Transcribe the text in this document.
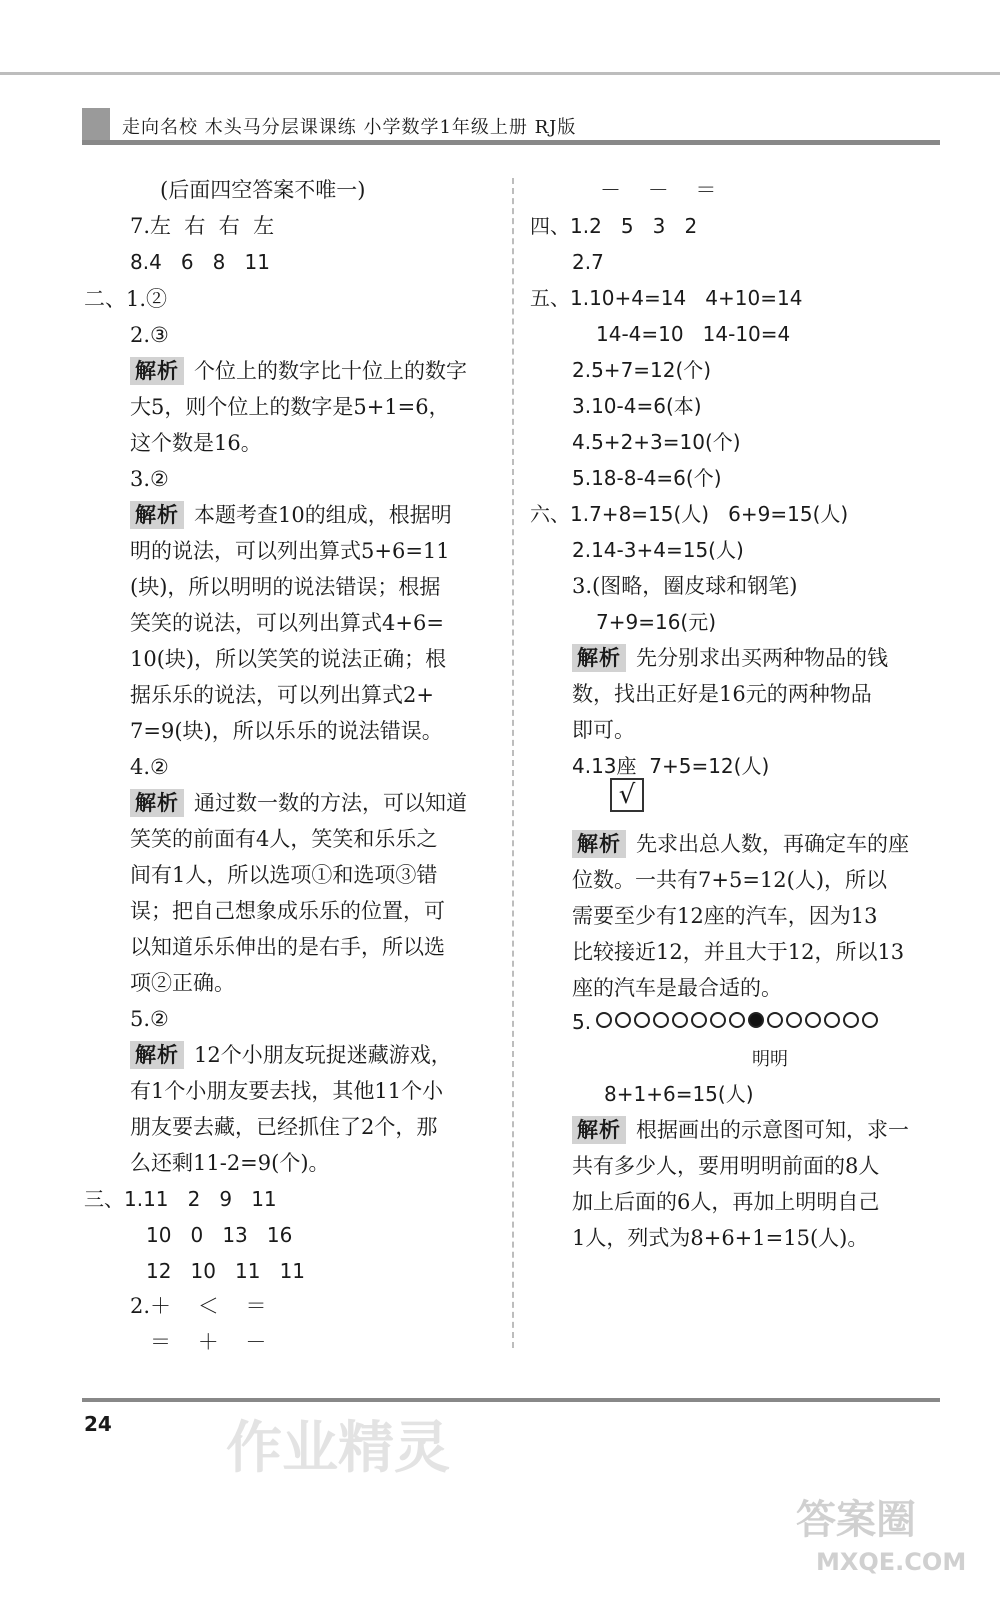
走向名校 木头马分层课课练 小学数学1年级上册 RJ版
(后面四空答案不唯一)
7.左  右  右  左
8.4   6   8   11
二、1.②
2.③
解析 个位上的数字比十位上的数字
大5，则个位上的数字是5+1=6，
这个数是16。
3.②
解析 本题考查10的组成，根据明
明的说法，可以列出算式5+6=11
(块)，所以明明的说法错误；根据
笑笑的说法，可以列出算式4+6=
10(块)，所以笑笑的说法正确；根
据乐乐的说法，可以列出算式2+
7=9(块)，所以乐乐的说法错误。
4.②
解析 通过数一数的方法，可以知道
笑笑的前面有4人，笑笑和乐乐之
间有1人，所以选项①和选项③错
误；把自己想象成乐乐的位置，可
以知道乐乐伸出的是右手，所以选
项②正确。
5.②
解析 12个小朋友玩捉迷藏游戏，
有1个小朋友要去找，其他11个小
朋友要去藏，已经抓住了2个，那
么还剩11-2=9(个)。
三、1.11   2   9   11
10   0   13   16
12   10   11   11
2.＋    ＜    ＝
＝    ＋    －
－    －    ＝
四、1.2   5   3   2
2.7
五、1.10+4=14   4+10=14
14-4=10   14-10=4
2.5+7=12(个)
3.10-4=6(本)
4.5+2+3=10(个)
5.18-8-4=6(个)
六、1.7+8=15(人)   6+9=15(人)
2.14-3+4=15(人)
3.(图略，圈皮球和钢笔)
7+9=16(元)
解析 先分别求出买两种物品的钱
数，找出正好是16元的两种物品
即可。
4.13座  7+5=12(人)
√
解析 先求出总人数，再确定车的座
位数。一共有7+5=12(人)，所以
需要至少有12座的汽车，因为13
比较接近12，并且大于12，所以13
座的汽车是最合适的。
5.
明明
8+1+6=15(人)
解析 根据画出的示意图可知，求一
共有多少人，要用明明前面的8人
加上后面的6人，再加上明明自己
1人，列式为8+6+1=15(人)。
24 作业精灵
答案圈
MXQE.COM
